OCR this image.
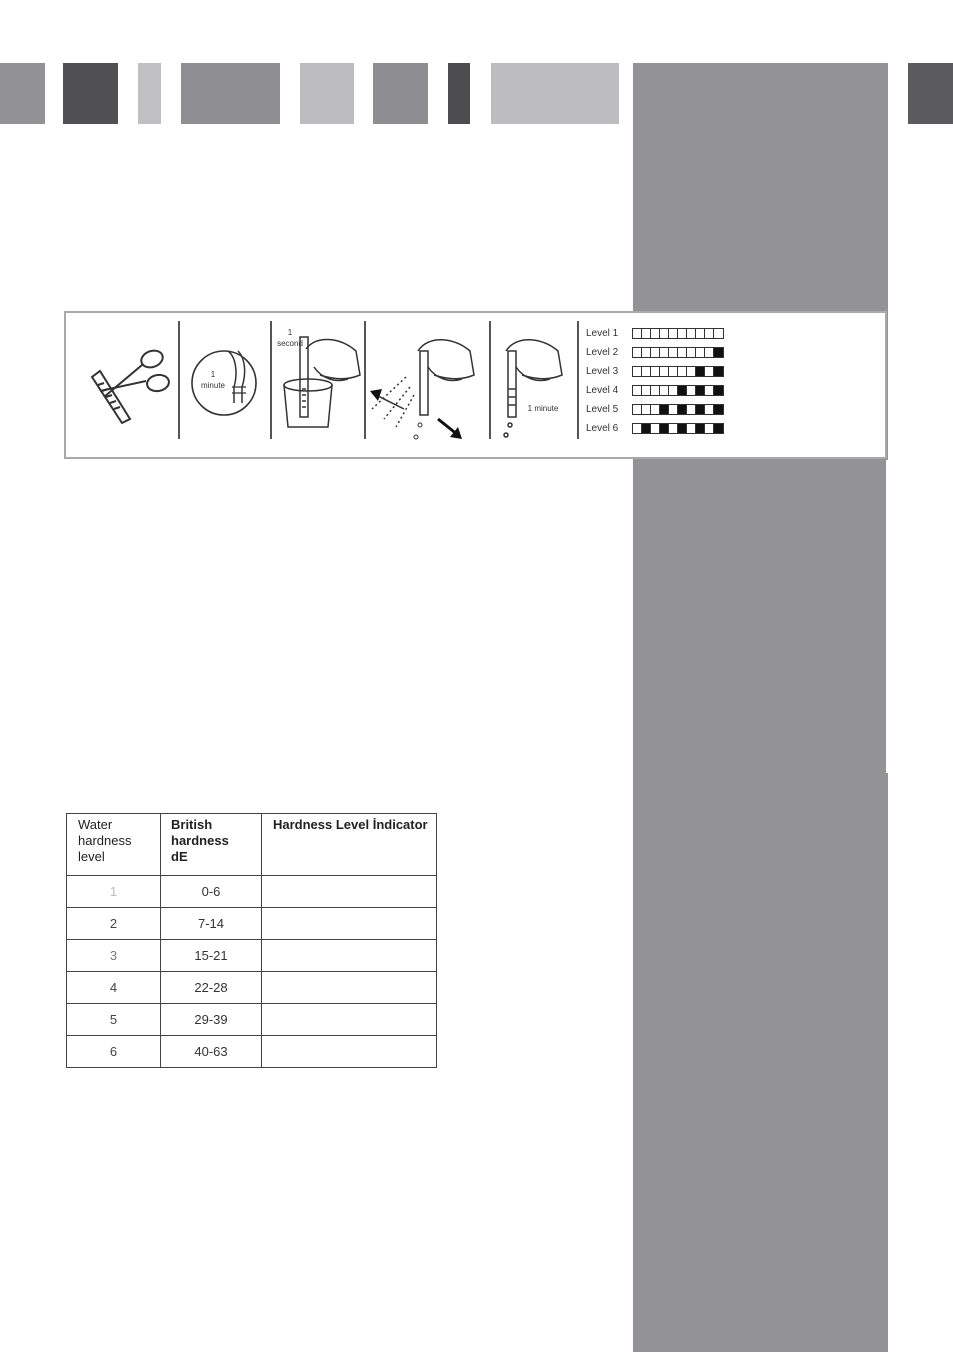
1
minute
1
second
1 minute
Level 1
Level 2
Level 3
Level 4
Level 5
Level 6
Water
hardness
level	British
hardness
dE	Hardness Level İndicator
1	0-6	
2	7-14	
3	15-21	
4	22-28	
5	29-39	
6	40-63	
